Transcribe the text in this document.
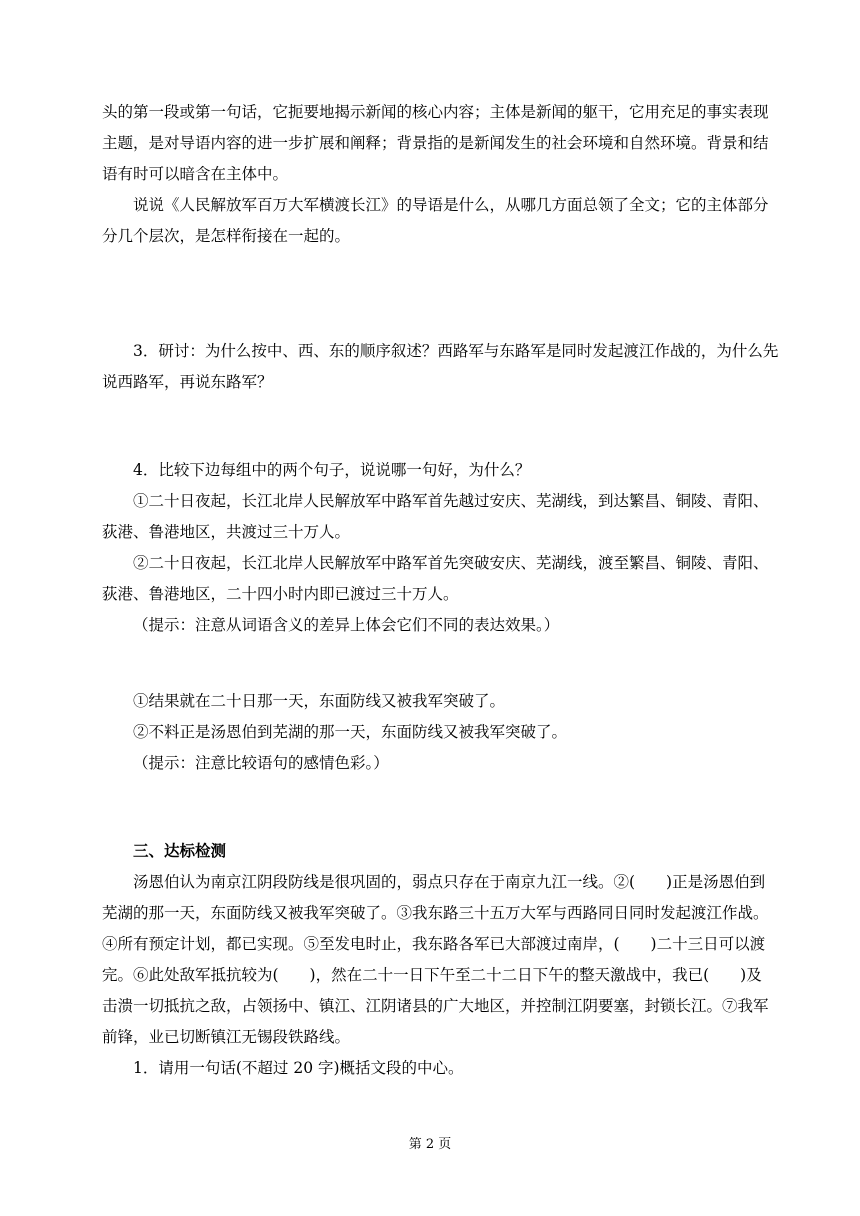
头的第一段或第一句话，它扼要地揭示新闻的核心内容；主体是新闻的躯干，它用充足的事实表现
主题，是对导语内容的进一步扩展和阐释；背景指的是新闻发生的社会环境和自然环境。背景和结
语有时可以暗含在主体中。
说说《人民解放军百万大军横渡长江》的导语是什么，从哪几方面总领了全文；它的主体部分
分几个层次，是怎样衔接在一起的。
3．研讨：为什么按中、西、东的顺序叙述？西路军与东路军是同时发起渡江作战的，为什么先
说西路军，再说东路军？
4．比较下边每组中的两个句子，说说哪一句好，为什么？
①二十日夜起，长江北岸人民解放军中路军首先越过安庆、芜湖线，到达繁昌、铜陵、青阳、
荻港、鲁港地区，共渡过三十万人。
②二十日夜起，长江北岸人民解放军中路军首先突破安庆、芜湖线，渡至繁昌、铜陵、青阳、
荻港、鲁港地区，二十四小时内即已渡过三十万人。
（提示：注意从词语含义的差异上体会它们不同的表达效果。）
①结果就在二十日那一天，东面防线又被我军突破了。
②不料正是汤恩伯到芜湖的那一天，东面防线又被我军突破了。
（提示：注意比较语句的感情色彩。）
三、达标检测
汤恩伯认为南京江阴段防线是很巩固的，弱点只存在于南京九江一线。②(　　)正是汤恩伯到
芜湖的那一天，东面防线又被我军突破了。③我东路三十五万大军与西路同日同时发起渡江作战。
④所有预定计划，都已实现。⑤至发电时止，我东路各军已大部渡过南岸，(　　)二十三日可以渡
完。⑥此处敌军抵抗较为(　　)，然在二十一日下午至二十二日下午的整天激战中，我已(　　)及
击溃一切抵抗之敌，占领扬中、镇江、江阴诸县的广大地区，并控制江阴要塞，封锁长江。⑦我军
前锋，业已切断镇江无锡段铁路线。
1．请用一句话(不超过 20 字)概括文段的中心。
第 2 页
